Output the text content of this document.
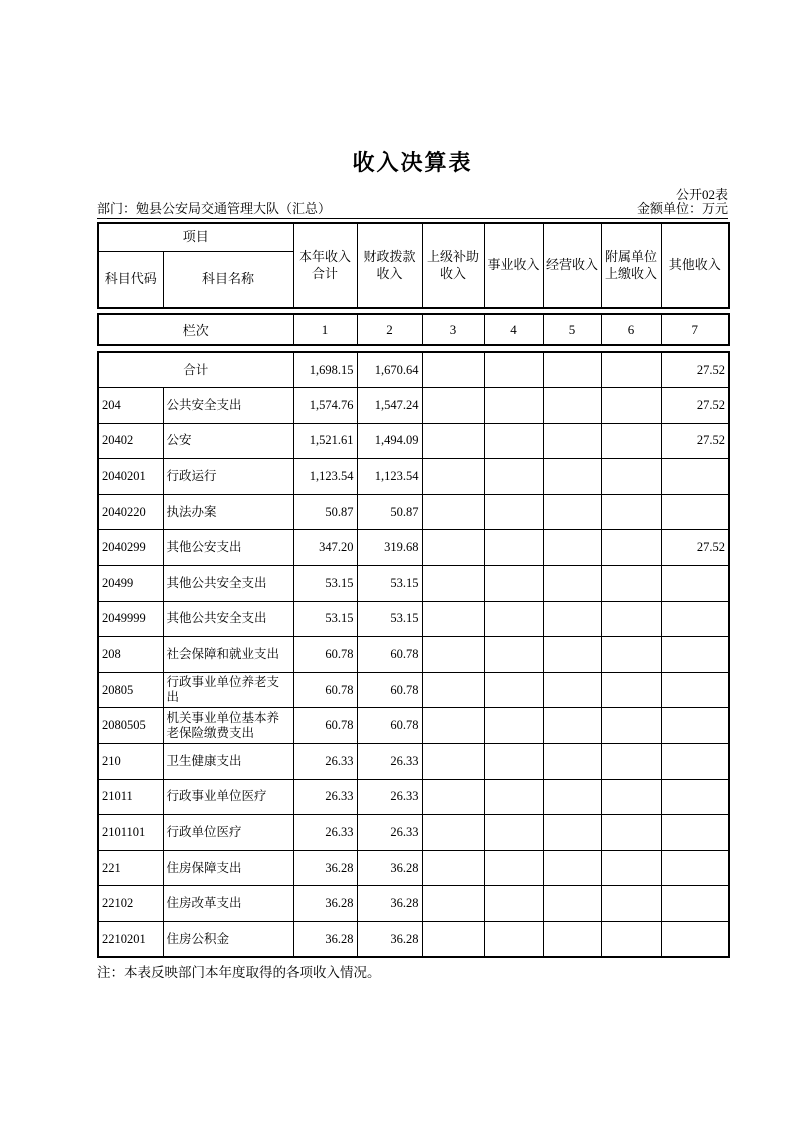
收入决算表
公开02表
部门：勉县公安局交通管理大队（汇总）	金额单位：万元
项目		本年收入合计	财政拨款收入	上级补助收入	事业收入	经营收入	附属单位上缴收入	其他收入
科目代码	科目名称							
栏次	1	2	3	4	5	6	7
合计		1,698.15	1,670.64					27.52
204	公共安全支出	1,574.76	1,547.24					27.52
20402	公安	1,521.61	1,494.09					27.52
2040201	行政运行	1,123.54	1,123.54					
2040220	执法办案	50.87	50.87					
2040299	其他公安支出	347.20	319.68					27.52
20499	其他公共安全支出	53.15	53.15					
2049999	其他公共安全支出	53.15	53.15					
208	社会保障和就业支出	60.78	60.78					
20805	行政事业单位养老支出	60.78	60.78					
2080505	机关事业单位基本养老保险缴费支出	60.78	60.78					
210	卫生健康支出	26.33	26.33					
21011	行政事业单位医疗	26.33	26.33					
2101101	行政单位医疗	26.33	26.33					
221	住房保障支出	36.28	36.28					
22102	住房改革支出	36.28	36.28					
2210201	住房公积金	36.28	36.28					
注：本表反映部门本年度取得的各项收入情况。
